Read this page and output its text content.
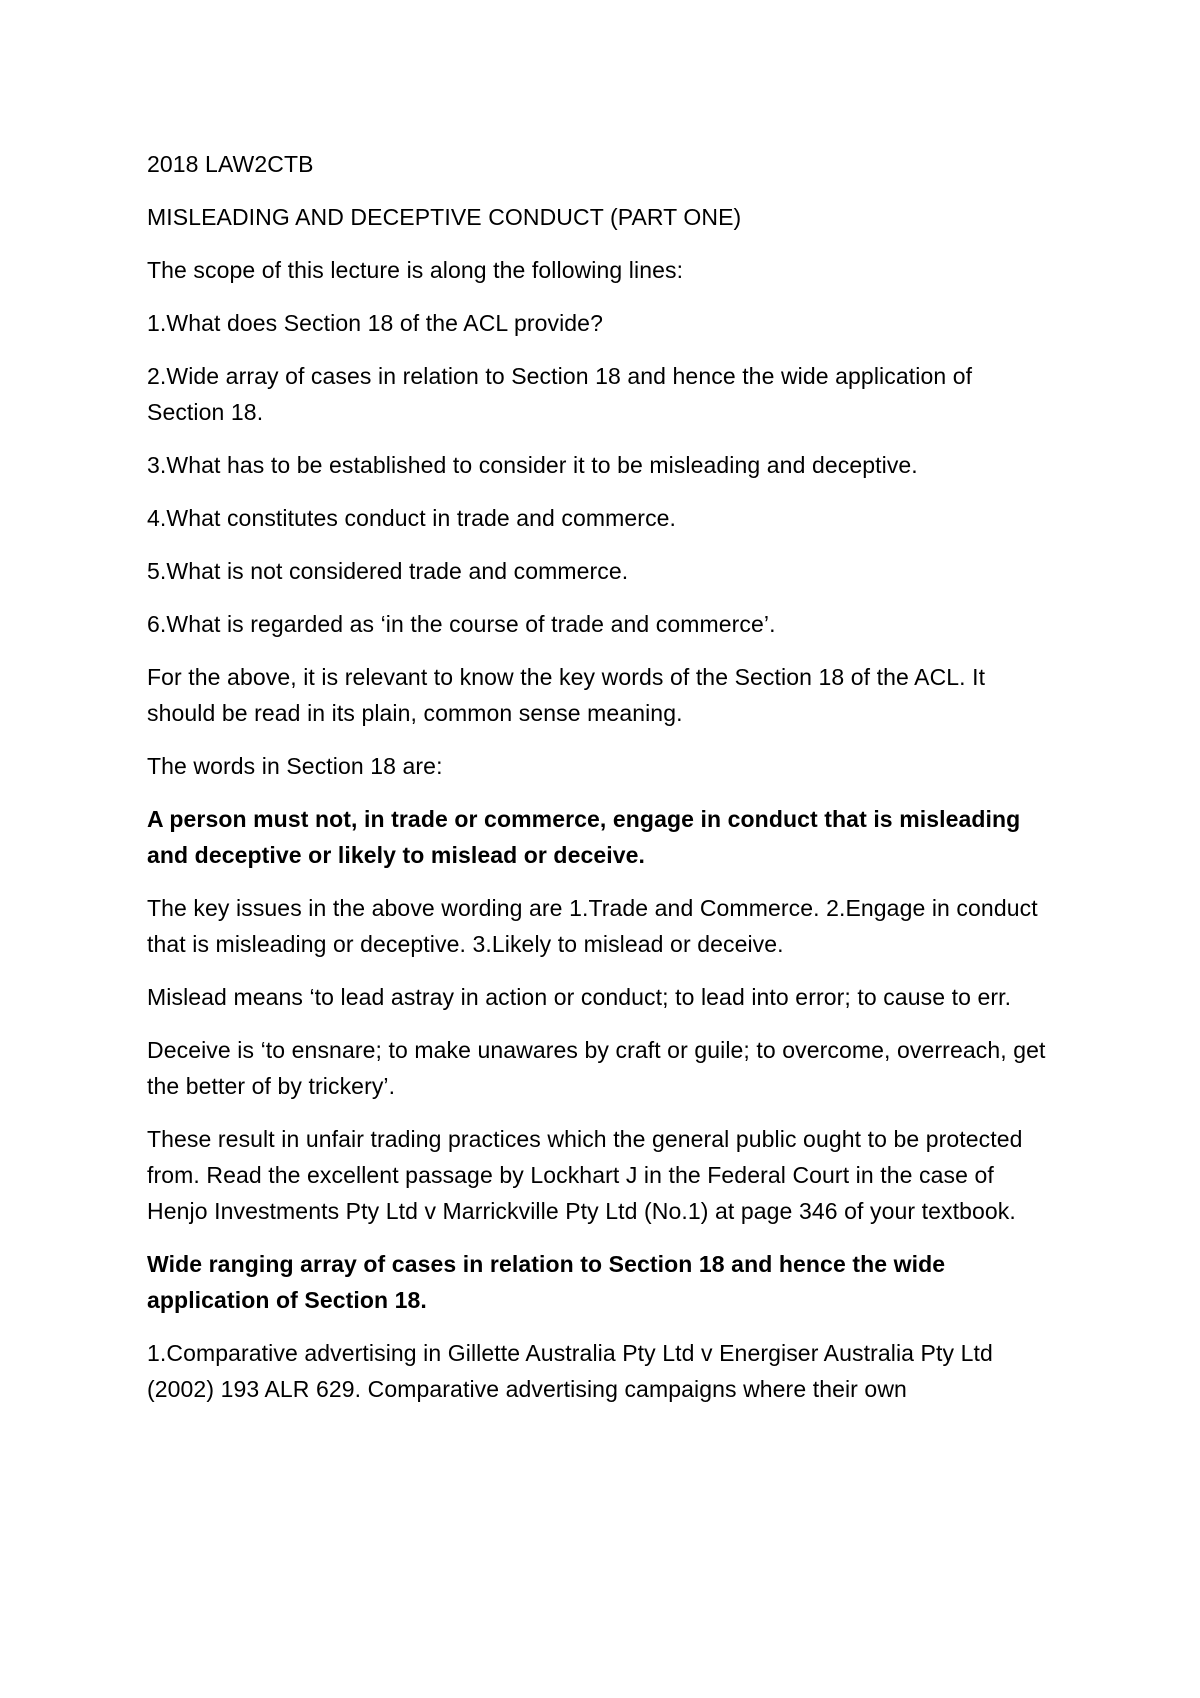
2018 LAW2CTB

MISLEADING AND DECEPTIVE CONDUCT (PART ONE)

The scope of this lecture is along the following lines:

1.What does Section 18 of the ACL provide?

2.Wide array of cases in relation to Section 18 and hence the wide application of Section 18.

3.What has to be established to consider it to be misleading and deceptive.

4.What constitutes conduct in trade and commerce.

5.What is not considered trade and commerce.

6.What is regarded as ‘in the course of trade and commerce’.

For the above, it is relevant to know the key words of the Section 18 of the ACL. It should be read in its plain, common sense meaning.

The words in Section 18 are:

A person must not, in trade or commerce, engage in conduct that is misleading and deceptive or likely to mislead or deceive.

The key issues in the above wording are 1.Trade and Commerce. 2.Engage in conduct that is misleading or deceptive. 3.Likely to mislead or deceive.

Mislead means ‘to lead astray in action or conduct; to lead into error; to cause to err.

Deceive is ‘to ensnare; to make unawares by craft or guile; to overcome, overreach, get the better of by trickery’.

These result in unfair trading practices which the general public ought to be protected from. Read the excellent passage by Lockhart J in the Federal Court in the case of Henjo Investments Pty Ltd v Marrickville Pty Ltd (No.1) at page 346 of your textbook.

Wide ranging array of cases in relation to Section 18 and hence the wide application of Section 18.

1.Comparative advertising in Gillette Australia Pty Ltd v Energiser Australia Pty Ltd (2002) 193 ALR 629. Comparative advertising campaigns where their own
